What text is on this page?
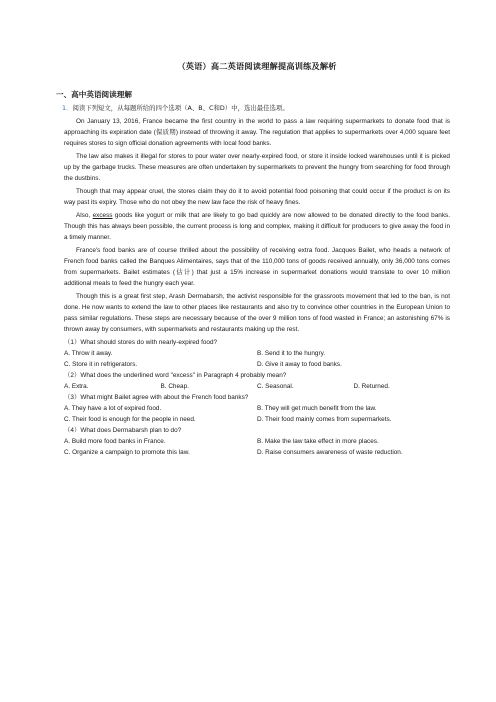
（英语）高二英语阅读理解提高训练及解析
一、高中英语阅读理解
1．阅读下列短文，从每题所给的四个选项（A、B、C和D）中，选出最佳选项。

On January 13, 2016, France became the first country in the world to pass a law requiring supermarkets to donate food that is approaching its expiration date (保质期) instead of throwing it away. The regulation that applies to supermarkets over 4,000 square feet requires stores to sign official donation agreements with local food banks.

The law also makes it illegal for stores to pour water over nearly-expired food, or store it inside locked warehouses until it is picked up by the garbage trucks. These measures are often undertaken by supermarkets to prevent the hungry from searching for food through the dustbins.

Though that may appear cruel, the stores claim they do it to avoid potential food poisoning that could occur if the product is on its way past its expiry. Those who do not obey the new law face the risk of heavy fines.

Also, excess goods like yogurt or milk that are likely to go bad quickly are now allowed to be donated directly to the food banks. Though this has always been possible, the current process is long and complex, making it difficult for producers to give away the food in a timely manner.

France's food banks are of course thrilled about the possibility of receiving extra food. Jacques Bailet, who heads a network of French food banks called the Banques Alimentaires, says that of the 110,000 tons of goods received annually, only 36,000 tons comes from supermarkets. Bailet estimates (估计) that just a 15% increase in supermarket donations would translate to over 10 million additional meals to feed the hungry each year.

Though this is a great first step, Arash Dermabarsh, the activist responsible for the grassroots movement that led to the ban, is not done. He now wants to extend the law to other places like restaurants and also try to convince other countries in the European Union to pass similar regulations. These steps are necessary because of the over 9 million tons of food wasted in France; an astonishing 67% is thrown away by consumers, with supermarkets and restaurants making up the rest.

（1）What should stores do with nearly-expired food?
A. Throw it away.	B. Send it to the hungry.
C. Store it in refrigerators.	D. Give it away to food banks.
（2）What does the underlined word "excess" in Paragraph 4 probably mean?
A. Extra.	B. Cheap.	C. Seasonal.	D. Returned.
（3）What might Bailet agree with about the French food banks?
A. They have a lot of expired food.	B. They will get much benefit from the law.
C. Their food is enough for the people in need.	D. Their food mainly comes from supermarkets.
（4）What does Dermabarsh plan to do?
A. Build more food banks in France.	B. Make the law take effect in more places.
C. Organize a campaign to promote this law.	D. Raise consumers awareness of waste reduction.
